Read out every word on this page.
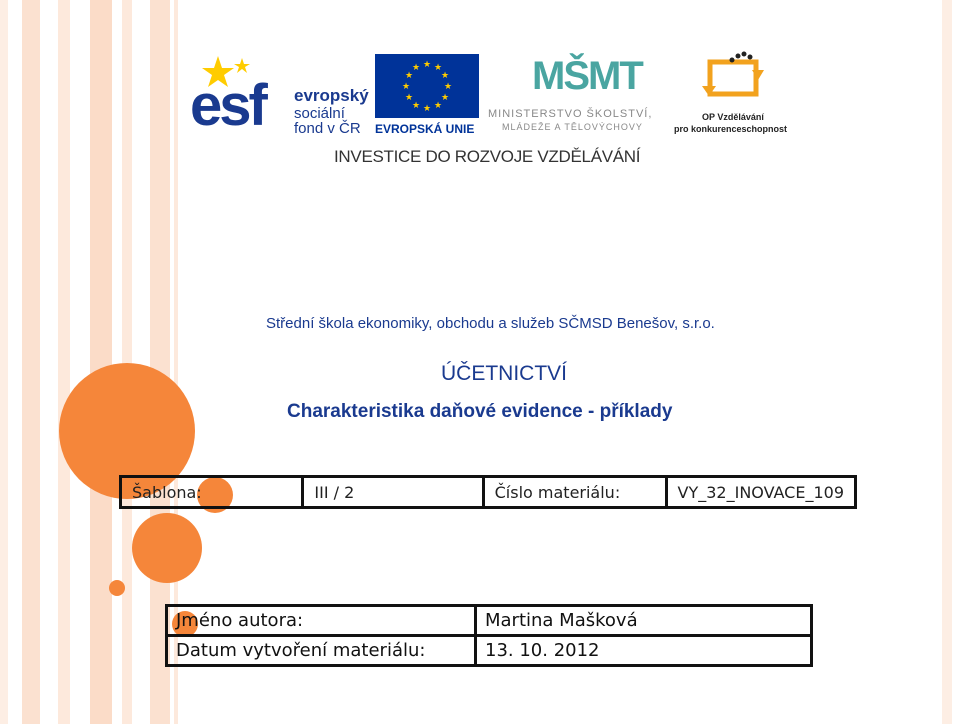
esf evropský
sociální
fond v ČR
★ ★
★
★
★
★
★
★
★
★
★
★
EVROPSKÁ UNIE
MŠMT
MINISTERSTVO ŠKOLSTVÍ,
MLÁDEŽE A TĚLOVÝCHOVY
OP Vzdělávání
pro konkurenceschopnost
INVESTICE DO ROZVOJE VZDĚLÁVÁNÍ
Střední škola ekonomiky, obchodu a služeb SČMSD Benešov, s.r.o.
ÚČETNICTVÍ
Charakteristika daňové evidence - příklady
Šablona:	III / 2	Číslo materiálu:	VY_32_INOVACE_109
Jméno autora:	Martina Mašková
Datum vytvoření materiálu:	13. 10. 2012
